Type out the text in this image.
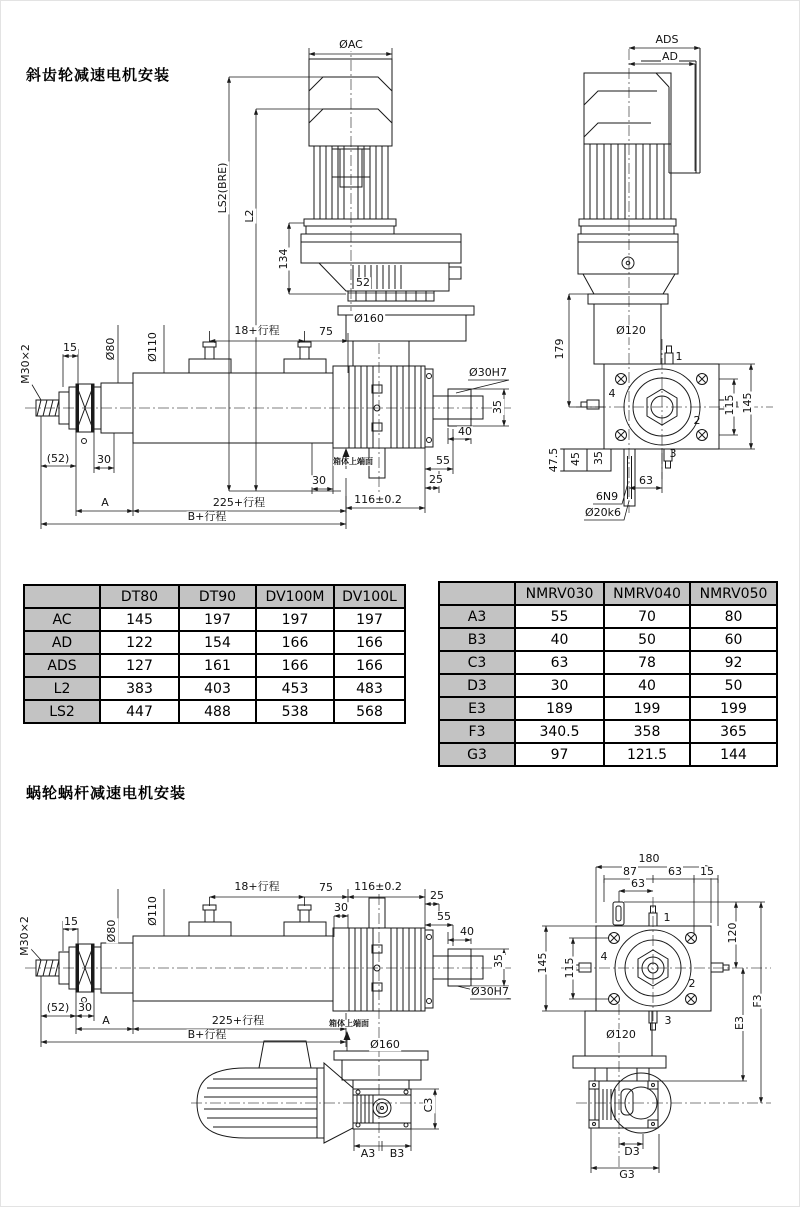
斜齿轮减速电机安装
蜗轮蜗杆减速电机安装
ØAC
LS2(BRE)
L2
134
52
Ø160
18+行程	75
Ø110
Ø80
15
M30×2
(52)	30
A	225+行程
B+行程
30
116±0.2
箱体上端面
Ø30H7
35
40
55
25
ADS
AD
179
Ø120
1
2
3
4
115 145
47.5 45 35
63
6N9
Ø20k6
	DT80	DT90	DV100M	DV100L
AC	145	197	197	197
AD	122	154	166	166
ADS	127	161	166	166
L2	383	403	453	483
LS2	447	488	538	568
	NMRV030	NMRV040	NMRV050
A3	55	70	80
B3	40	50	60
C3	63	78	92
D3	30	40	50
E3	189	199	199
F3	340.5	358	365
G3	97	121.5	144
18+行程	75 116±0.2
30
25
55
40
35
Ø110
Ø80
15
M30×2
(52) 30
A	225+行程
B+行程
箱体上端面
Ø160
Ø30H7
C3
A3 B3
180
87	63 15
63
120
145 115
1
2
3
4
Ø120
E3
F3
D3
G3
